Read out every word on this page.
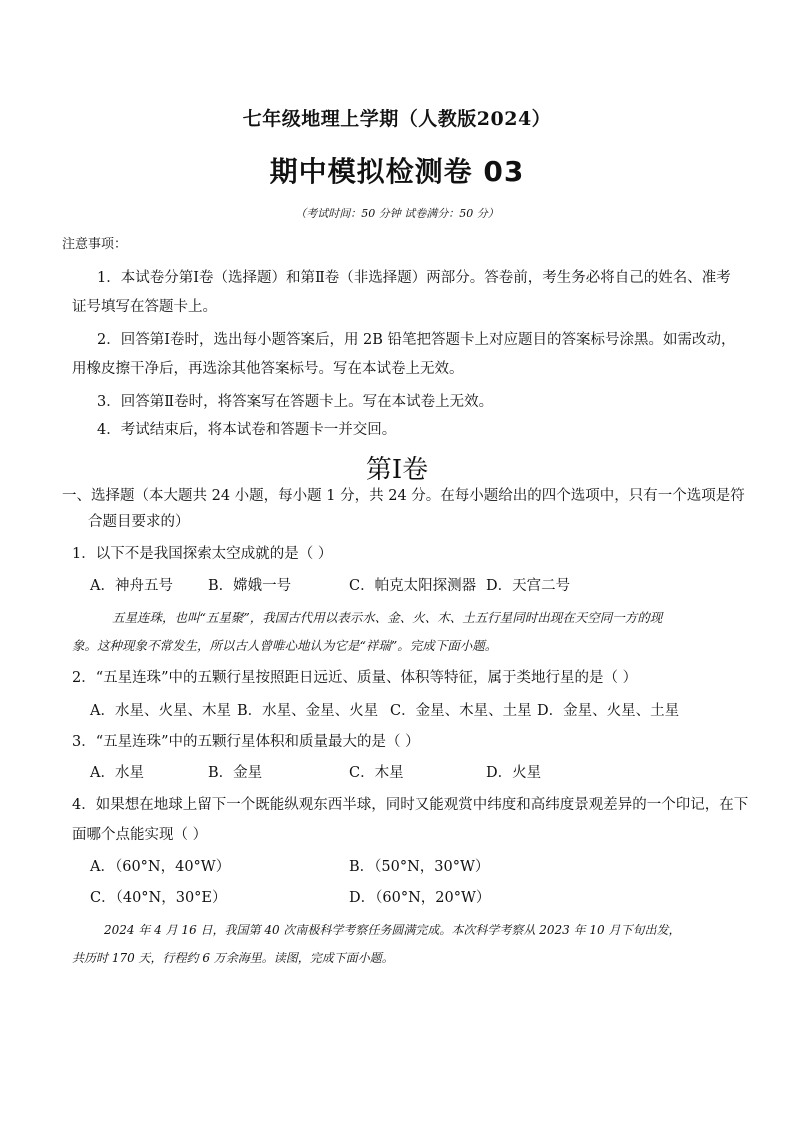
七年级地理上学期（人教版2024）
期中模拟检测卷 03
（考试时间：50 分钟 试卷满分：50 分）
注意事项：
1．本试卷分第Ⅰ卷（选择题）和第Ⅱ卷（非选择题）两部分。答卷前，考生务必将自己的姓名、准考
证号填写在答题卡上。
2．回答第Ⅰ卷时，选出每小题答案后，用 2B 铅笔把答题卡上对应题目的答案标号涂黑。如需改动，
用橡皮擦干净后，再选涂其他答案标号。写在本试卷上无效。
3．回答第Ⅱ卷时，将答案写在答题卡上。写在本试卷上无效。
4．考试结束后，将本试卷和答题卡一并交回。
第Ⅰ卷
一、选择题（本大题共 24 小题，每小题 1 分，共 24 分。在每小题给出的四个选项中，只有一个选项是符
合题目要求的）
1．以下不是我国探索太空成就的是（ ）
A．神舟五号 B．嫦娥一号	C．帕克太阳探测器 D．天宫二号
五星连珠，也叫“五星聚”，我国古代用以表示水、金、火、木、土五行星同时出现在天空同一方的现
象。这种现象不常发生，所以古人曾唯心地认为它是“祥瑞”。完成下面小题。
2．“五星连珠”中的五颗行星按照距日远近、质量、体积等特征，属于类地行星的是（ ）
A．水星、火星、木星 B．水星、金星、火星 C．金星、木星、土星 D．金星、火星、土星
3．“五星连珠”中的五颗行星体积和质量最大的是（ ）
A．水星	B．金星	C．木星	D．火星
4．如果想在地球上留下一个既能纵观东西半球，同时又能观赏中纬度和高纬度景观差异的一个印记，在下
面哪个点能实现（ ）
A．（60°N，40°W）	B．（50°N，30°W）
C．（40°N，30°E）	D．（60°N，20°W）
2024 年 4 月 16 日，我国第 40 次南极科学考察任务圆满完成。本次科学考察从 2023 年 10 月下旬出发，
共历时 170 天，行程约 6 万余海里。读图，完成下面小题。
